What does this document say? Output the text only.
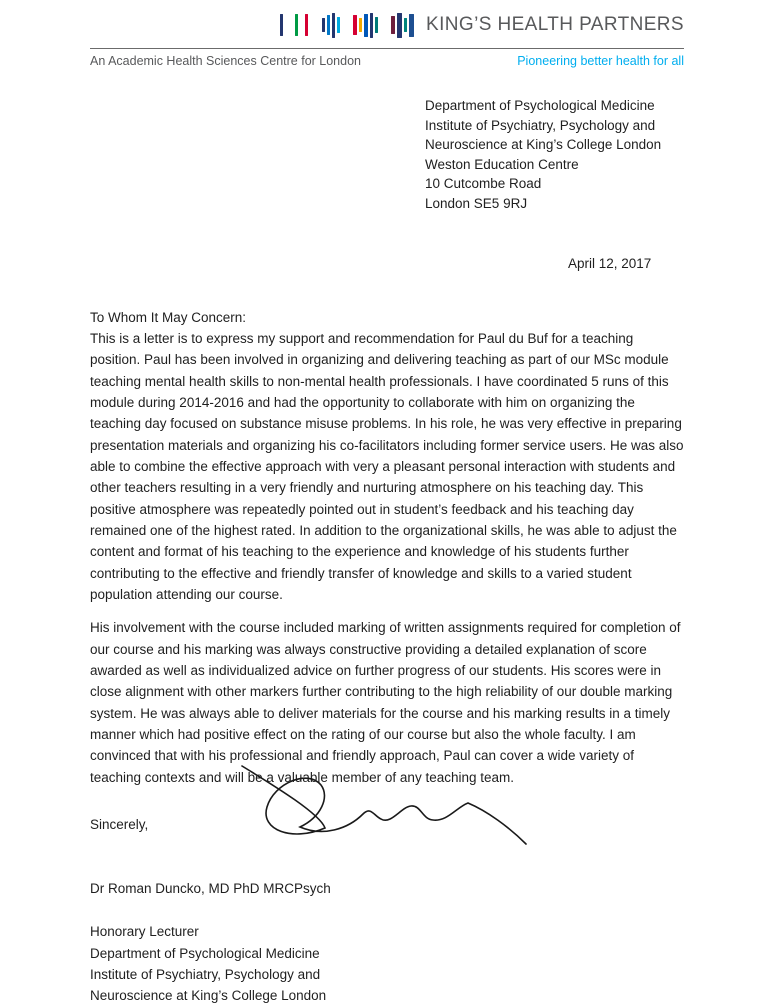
KING’S HEALTH PARTNERS
An Academic Health Sciences Centre for London	Pioneering better health for all
Department of Psychological Medicine
Institute of Psychiatry, Psychology and
Neuroscience at King’s College London
Weston Education Centre
10 Cutcombe Road
London SE5 9RJ
April 12, 2017
To Whom It May Concern:

This is a letter is to express my support and recommendation for Paul du Buf for a teaching position. Paul has been involved in organizing and delivering teaching as part of our MSc module teaching mental health skills to non-mental health professionals. I have coordinated 5 runs of this module during 2014-2016 and had the opportunity to collaborate with him on organizing the teaching day focused on substance misuse problems. In his role, he was very effective in preparing presentation materials and organizing his co-facilitators including former service users. He was also able to combine the effective approach with very a pleasant personal interaction with students and other teachers resulting in a very friendly and nurturing atmosphere on his teaching day. This positive atmosphere was repeatedly pointed out in student’s feedback and his teaching day remained one of the highest rated. In addition to the organizational skills, he was able to adjust the content and format of his teaching to the experience and knowledge of his students further contributing to the effective and friendly transfer of knowledge and skills to a varied student population attending our course.

His involvement with the course included marking of written assignments required for completion of our course and his marking was always constructive providing a detailed explanation of score awarded as well as individualized advice on further progress of our students. His scores were in close alignment with other markers further contributing to the high reliability of our double marking system. He was always able to deliver materials for the course and his marking results in a timely manner which had positive effect on the rating of our course but also the whole faculty. I am convinced that with his professional and friendly approach, Paul can cover a wide variety of teaching contexts and will be a valuable member of any teaching team.

Sincerely,
Dr Roman Duncko, MD PhD MRCPsych
Honorary Lecturer
Department of Psychological Medicine
Institute of Psychiatry, Psychology and
Neuroscience at King’s College London
